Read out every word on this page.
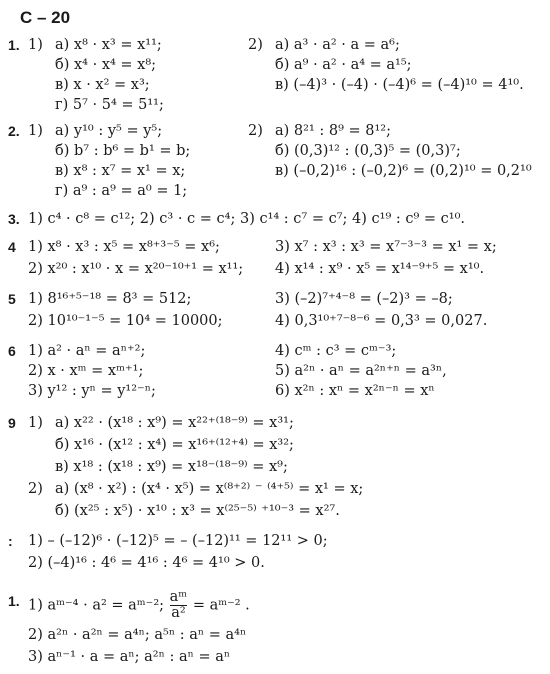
C – 20
1. 1) а) x⁸ · x³ = x¹¹;	2) а) a³ · a² · a = a⁶;
б) x⁴ · x⁴ = x⁸;	б) a⁹ · a² · a⁴ = a¹⁵;
в) x · x² = x³;	в) (–4)³ · (–4) · (–4)⁶ = (–4)¹⁰ = 4¹⁰.
г) 5⁷ · 5⁴ = 5¹¹;
2. 1) а) y¹⁰ : y⁵ = y⁵;	2) а) 8²¹ : 8⁹ = 8¹²;
б) b⁷ : b⁶ = b¹ = b;	б) (0,3)¹² : (0,3)⁵ = (0,3)⁷;
в) x⁸ : x⁷ = x¹ = x;	в) (–0,2)¹⁶ : (–0,2)⁶ = (0,2)¹⁰ = 0,2¹⁰
г) a⁹ : a⁹ = a⁰ = 1;
3. 1) c⁴ · c⁸ = c¹²; 2) c³ · c = c⁴; 3) c¹⁴ : c⁷ = c⁷; 4) c¹⁹ : c⁹ = c¹⁰.
4 1) x⁸ · x³ : x⁵ = x⁸⁺³⁻⁵ = x⁶;	3) x⁷ : x³ : x³ = x⁷⁻³⁻³ = x¹ = x;
2) x²⁰ : x¹⁰ · x = x²⁰⁻¹⁰⁺¹ = x¹¹; 4) x¹⁴ : x⁹ · x⁵ = x¹⁴⁻⁹⁺⁵ = x¹⁰.
5 1) 8¹⁶⁺⁵⁻¹⁸ = 8³ = 512;	3) (–2)⁷⁺⁴⁻⁸ = (–2)³ = –8;
2) 10¹⁰⁻¹⁻⁵ = 10⁴ = 10000;	4) 0,3¹⁰⁺⁷⁻⁸⁻⁶ = 0,3³ = 0,027.
6 1) a² · aⁿ = aⁿ⁺²;	4) cᵐ : c³ = cᵐ⁻³;
2) x · xᵐ = xᵐ⁺¹;	5) a²ⁿ · aⁿ = a²ⁿ⁺ⁿ = a³ⁿ,
3) y¹² : yⁿ = y¹²⁻ⁿ;	6) x²ⁿ : xⁿ = x²ⁿ⁻ⁿ = xⁿ
9 1) а) x²² · (x¹⁸ : x⁹) = x²²⁺⁽¹⁸⁻⁹⁾ = x³¹;
б) x¹⁶ · (x¹² : x⁴) = x¹⁶⁺⁽¹²⁺⁴⁾ = x³²;
в) x¹⁸ : (x¹⁸ : x⁹) = x¹⁸⁻⁽¹⁸⁻⁹⁾ = x⁹;
2) а) (x⁸ · x²) : (x⁴ · x⁵) = x⁽⁸⁺²⁾ ⁻ ⁽⁴⁺⁵⁾ = x¹ = x;
б) (x²⁵ : x⁵) · x¹⁰ : x³ = x⁽²⁵⁻⁵⁾ ⁺¹⁰⁻³ = x²⁷.
: 1) – (–12)⁶ · (–12)⁵ = – (–12)¹¹ = 12¹¹ > 0;
2) (–4)¹⁶ : 4⁶ = 4¹⁶ : 4⁶ = 4¹⁰ > 0.
1. 1) aᵐ⁻⁴ · a² = aᵐ⁻²; $\frac{\text{aᵐ}}{\text{a²}}$ = aᵐ⁻² .
2) a²ⁿ · a²ⁿ = a⁴ⁿ; a⁵ⁿ : aⁿ = a⁴ⁿ
3) aⁿ⁻¹ · a = aⁿ; a²ⁿ : aⁿ = aⁿ
